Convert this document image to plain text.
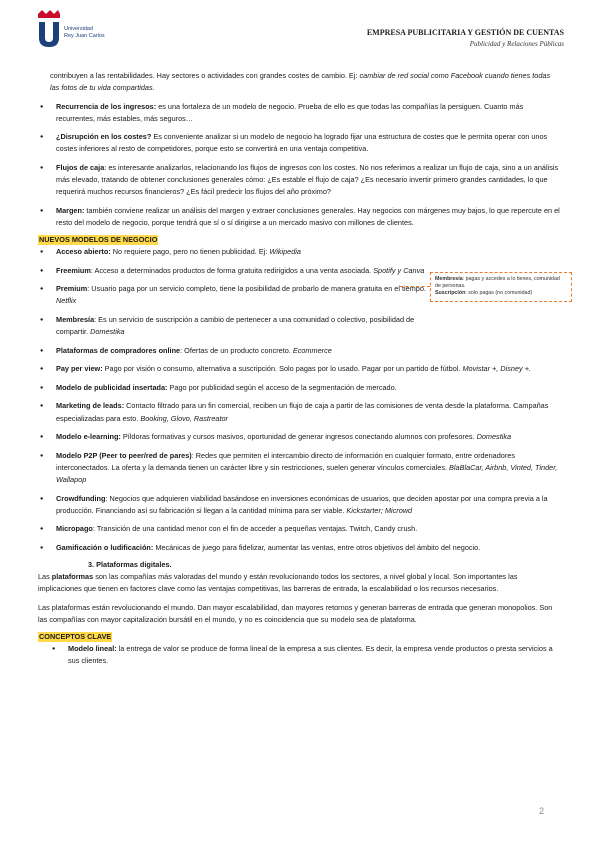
Universidad
Rey Juan Carlos	EMPRESA PUBLICITARIA Y GESTIÓN DE CUENTAS
Publicidad y Relaciones Públicas

contribuyen a las rentabilidades. Hay sectores o actividades con grandes costes de cambio. Ej: cambiar de red social como Facebook cuando tienes todas las fotos de tu vida compartidas.

● Recurrencia de los ingresos: es una fortaleza de un modelo de negocio. Prueba de ello es que todas las compañías la persiguen. Cuanto más recurrentes, más estables, más seguros…

● ¿Disrupción en los costes? Es conveniente analizar si un modelo de negocio ha logrado fijar una estructura de costes que le permita operar con unos costes inferiores al resto de competidores, porque esto se convertirá en una ventaja competitiva.

● Flujos de caja: es interesante analizarlos, relacionando los flujos de ingresos con los costes. No nos referimos a realizar un flujo de caja, sino a un análisis más elevado, tratando de obtener conclusiones generales cómo: ¿Es estable el flujo de caja? ¿Es necesario invertir primero grandes cantidades, lo que requerirá muchos recursos financieros? ¿Es fácil predecir los flujos del año próximo?

● Margen: también conviene realizar un análisis del margen y extraer conclusiones generales. Hay negocios con márgenes muy bajos, lo que repercute en el resto del modelo de negocio, porque tendrá que sí o sí dirigirse a un mercado masivo con millones de clientes.

NUEVOS MODELOS DE NEGOCIO

● Acceso abierto: No requiere pago, pero no tienen publicidad. Ej: Wikipedia

● Freemium: Acceso a determinados productos de forma gratuita redirigidos a una venta asociada. Spotify y Canva

● Premium: Usuario paga por un servicio completo, tiene la posibilidad de probarlo de manera gratuita en el tiempo. Netflix

● Membresía: Es un servicio de suscripción a cambio de pertenecer a una comunidad o colectivo, posibilidad de compartir. Domestika

● Plataformas de compradores online: Ofertas de un producto concreto. Ecommerce

● Pay per view: Pago por visión o consumo, alternativa a suscripción. Solo pagas por lo usado. Pagar por un partido de fútbol. Movistar +, Disney +.

● Modelo de publicidad insertada: Pago por publicidad según el acceso de la segmentación de mercado.

● Marketing de leads: Contacto filtrado para un fin comercial, reciben un flujo de caja a partir de las comisiones de venta desde la plataforma. Campañas especializadas para esto. Booking, Glovo, Rastreator

● Modelo e-learning: Píldoras formativas y cursos masivos, oportunidad de generar ingresos conectando alumnos con profesores. Domestika

● Modelo P2P (Peer to peer/red de pares): Redes que permiten el intercambio directo de información en cualquier formato, entre ordenadores interconectados. La oferta y la demanda tienen un carácter libre y sin restricciones, suelen generar vínculos comerciales. BlaBlaCar, Airbnb, Vinted, Tinder, Wallapop

● Crowdfunding: Negocios que adquieren viabilidad basándose en inversiones económicas de usuarios, que deciden apostar por una compra previa a la producción. Financiando así su fabricación si llegan a la cantidad mínima para ser viable. Kickstarter; Microwd

● Micropago: Transición de una cantidad menor con el fin de acceder a pequeñas ventajas. Twitch, Candy crush.

● Gamificación o ludificación: Mecánicas de juego para fidelizar, aumentar las ventas, entre otros objetivos del ámbito del negocio.

3. Plataformas digitales.

Las plataformas son las compañías más valoradas del mundo y están revolucionando todos los sectores, a nivel global y local. Son importantes las implicaciones que tienen en factores clave como las ventajas competitivas, las barreras de entrada, la escalabilidad o los recursos necesarios.

Las plataformas están revolucionando el mundo. Dan mayor escalabilidad, dan mayores retornos y generan barreras de entrada que generan monopolios. Son las compañías con mayor capitalización bursátil en el mundo, y no es coincidencia que su modelo sea de plataforma.

CONCEPTOS CLAVE

● Modelo lineal: la entrega de valor se produce de forma lineal de la empresa a sus clientes. Es decir, la empresa vende productos o presta servicios a sus clientes.

Membresía: pagas y accedes a lo tienes, comunidad de personas.
Suscripción: solo pagas (no comunidad)
2
